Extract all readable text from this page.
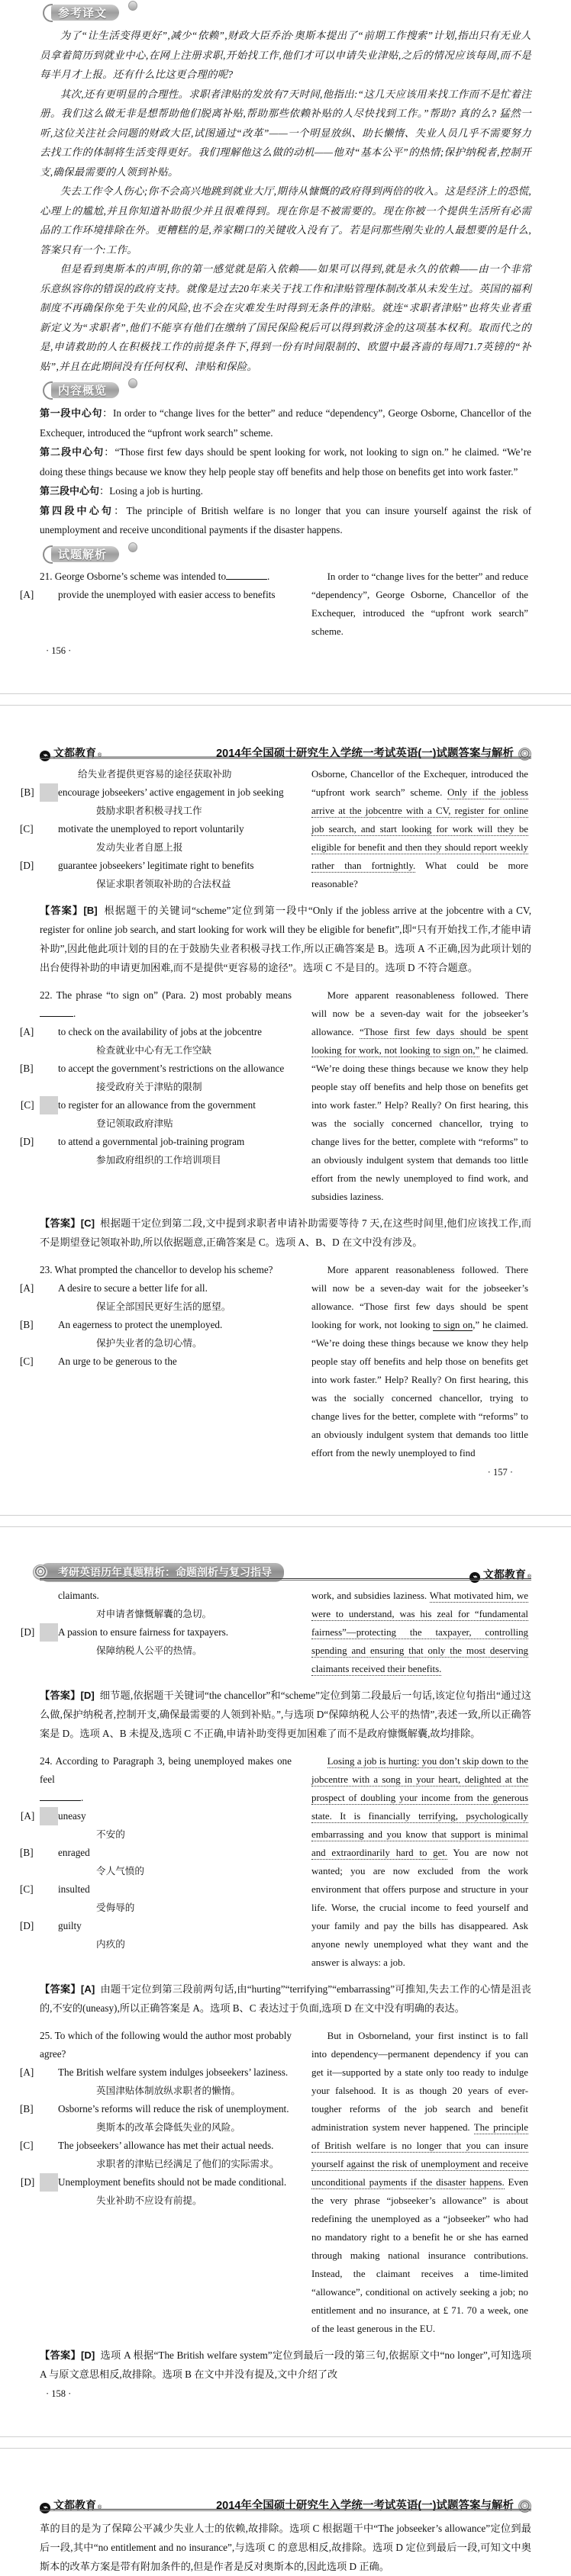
参考译文

为了“让生活变得更好”,减少“依赖”,财政大臣乔治·奥斯本提出了“前期工作搜索”计划,指出只有无业人员拿着简历到就业中心,在网上注册求职,开始找工作,他们才可以申请失业津贴,之后的情况应该每周,而不是每半月才上报。还有什么比这更合理的呢?

其次,还有更明显的合理性。求职者津贴的发放有7天时间,他指出:“这几天应该用来找工作而不是忙着注册。我们这么做无非是想帮助他们脱离补贴,帮助那些依赖补贴的人尽快找到工作。”帮助? 真的么? 猛然一听,这位关注社会问题的财政大臣,试图通过“改革”——一个明显放纵、助长懒惰、失业人员几乎不需要努力去找工作的体制将生活变得更好。我们理解他这么做的动机——他对“基本公平”的热情;保护纳税者,控制开支,确保最需要的人领到补贴。

失去工作令人伤心;你不会高兴地跳到就业大厅,期待从慷慨的政府得到两倍的收入。这是经济上的恐慌,心理上的尴尬,并且你知道补助很少并且很难得到。现在你是不被需要的。现在你被一个提供生活所有必需品的工作环境排除在外。更糟糕的是,养家糊口的关键收入没有了。若是问那些刚失业的人最想要的是什么,答案只有一个:工作。

但是看到奥斯本的声明,你的第一感觉就是陷入依赖——如果可以得到,就是永久的依赖——由一个非常乐意纵容你的错误的政府支持。就像是过去20年来关于找工作和津贴管理体制改革从未发生过。英国的福利制度不再确保你免于失业的风险,也不会在灾难发生时得到无条件的津贴。就连“求职者津贴”也将失业者重新定义为“求职者”,他们不能享有他们在缴纳了国民保险税后可以得到救济金的这项基本权利。取而代之的是,申请救助的人在积极找工作的前提条件下,得到一份有时间限制的、欧盟中最吝啬的每周71.7英镑的“补贴”,并且在此期间没有任何权利、津贴和保险。

内容概览

第一段中心句：In order to “change lives for the better” and reduce “dependency”, George Osborne, Chancellor of the Exchequer, introduced the “upfront work search” scheme.

第二段中心句：“Those first few days should be spent looking for work, not looking to sign on.” he claimed. “We’re doing these things because we know they help people stay off benefits and help those on benefits get into work faster.”

第三段中心句：Losing a job is hurting.

第四段中心句：The principle of British welfare is no longer that you can insure yourself against the risk of unemployment and receive unconditional payments if the disaster happens.

试题解析

21. George Osborne’s scheme was intended to	.

[A] provide the unemployed with easier access to benefits

In order to “change lives for the better” and reduce “dependency”, George Osborne, Chancellor of the Exchequer, introduced the “upfront work search” scheme.

· 156 ·

⌁ 文都教育 ®	2014年全国硕士研究生入学统一考试英语(一)试题答案与解析

给失业者提供更容易的途径获取补助

[B] encourage jobseekers’ active engagement in job seeking
鼓励求职者积极寻找工作

[C] motivate the unemployed to report voluntarily
发动失业者自愿上报

[D] guarantee jobseekers’ legitimate right to benefits
保证求职者领取补助的合法权益

Osborne, Chancellor of the Exchequer, introduced the “upfront work search” scheme. Only if the jobless arrive at the jobcentre with a CV, register for online job search, and start looking for work will they be eligible for benefit and then they should report weekly rather than fortnightly. What could be more reasonable?

【答案】[B] 根据题干的关键词“scheme”定位到第一段中“Only if the jobless arrive at the jobcentre with a CV, register for online job search, and start looking for work will they be eligible for benefit”,即“只有开始找工作,才能申请补助”,因此他此项计划的目的在于鼓励失业者积极寻找工作,所以正确答案是 B。选项 A 不正确,因为此项计划的出台使得补助的申请更加困难,而不是提供“更容易的途径”。选项 C 不是目的。选项 D 不符合题意。

22. The phrase “to sign on” (Para. 2) most probably means.

[A] to check on the availability of jobs at the jobcentre
检查就业中心有无工作空缺

[B] to accept the government’s restrictions on the allowance
接受政府关于津贴的限制

[C] to register for an allowance from the government
登记领取政府津贴

[D] to attend a governmental job-training program
参加政府组织的工作培训项目

More apparent reasonableness followed. There will now be a seven-day wait for the jobseeker’s allowance. “Those first few days should be spent looking for work, not looking to sign on,” he claimed. “We’re doing these things because we know they help people stay off benefits and help those on benefits get into work faster.” Help? Really? On first hearing, this was the socially concerned chancellor, trying to change lives for the better, complete with “reforms” to an obviously indulgent system that demands too little effort from the newly unemployed to find work, and subsidies laziness.

【答案】[C] 根据题干定位到第二段,文中提到求职者申请补助需要等待 7 天,在这些时间里,他们应该找工作,而不是期望登记领取补助,所以依据题意,正确答案是 C。选项 A、B、D 在文中没有涉及。

23. What prompted the chancellor to develop his scheme?

[A] A desire to secure a better life for all.
保证全部国民更好生活的愿望。

[B] An eagerness to protect the unemployed.
保护失业者的急切心情。

[C] An urge to be generous to the

More apparent reasonableness followed. There will now be a seven-day wait for the jobseeker’s allowance. “Those first few days should be spent looking for work, not looking to sign on,” he claimed. “We’re doing these things because we know they help people stay off benefits and help those on benefits get into work faster.” Help? Really? On first hearing, this was the socially concerned chancellor, trying to change lives for the better, complete with “reforms” to an obviously indulgent system that demands too little effort from the newly unemployed to find

· 157 ·

考研英语历年真题精析：命题剖析与复习指导	⌁ 文都教育 ®

claimants.
对申请者慷慨解囊的急切。

[D] A passion to ensure fairness for taxpayers.
保障纳税人公平的热情。

work, and subsidies laziness. What motivated him, we were to understand, was his zeal for “fundamental fairness”—protecting the taxpayer, controlling spending and ensuring that only the most deserving claimants received their benefits.

【答案】[D] 细节题,依据题干关键词“the chancellor”和“scheme”定位到第二段最后一句话,该定位句指出“通过这么做,保护纳税者,控制开支,确保最需要的人领到补贴。”,与选项 D“保障纳税人公平的热情”,表述一致,所以正确答案是 D。选项 A、B 未提及,选项 C 不正确,申请补助变得更加困难了而不是政府慷慨解囊,故均排除。

24. According to Paragraph 3, being unemployed makes one feel

.

[A] uneasy
不安的

[B] enraged
令人气愤的

[C] insulted
受侮辱的

[D] guilty
内疚的

Losing a job is hurting: you don’t skip down to the jobcentre with a song in your heart, delighted at the prospect of doubling your income from the generous state. It is financially terrifying, psychologically embarrassing and you know that support is minimal and extraordinarily hard to get. You are now not wanted; you are now excluded from the work environment that offers purpose and structure in your life. Worse, the crucial income to feed yourself and your family and pay the bills has disappeared. Ask anyone newly unemployed what they want and the answer is always: a job.

【答案】[A] 由题干定位到第三段前两句话,由“hurting”“terrifying”“embarrassing”可推知,失去工作的心情是沮丧的,不安的(uneasy),所以正确答案是 A。选项 B、C 表达过于负面,选项 D 在文中没有明确的表达。

25. To which of the following would the author most probably agree?

[A] The British welfare system indulges jobseekers’ laziness.
英国津贴体制放纵求职者的懒惰。

[B] Osborne’s reforms will reduce the risk of unemployment.
奥斯本的改革会降低失业的风险。

[C] The jobseekers’ allowance has met their actual needs.
求职者的津贴已经满足了他们的实际需求。

[D] Unemployment benefits should not be made conditional.
失业补助不应设有前提。

But in Osborneland, your first instinct is to fall into dependency—permanent dependency if you can get it—supported by a state only too ready to indulge your falsehood. It is as though 20 years of ever-tougher reforms of the job search and benefit administration system never happened. The principle of British welfare is no longer that you can insure yourself against the risk of unemployment and receive unconditional payments if the disaster happens. Even the very phrase “jobseeker’s allowance” is about redefining the unemployed as a “jobseeker” who had no mandatory right to a benefit he or she has earned through making national insurance contributions. Instead, the claimant receives a time-limited “allowance”, conditional on actively seeking a job; no entitlement and no insurance, at £ 71. 70 a week, one of the least generous in the EU.

【答案】[D] 选项 A 根据“The British welfare system”定位到最后一段的第三句,依据原文中“no longer”,可知选项 A 与原文意思相反,故排除。选项 B 在文中并没有提及,文中介绍了改

· 158 ·

⌁ 文都教育 ®	2014年全国硕士研究生入学统一考试英语(一)试题答案与解析

革的目的是为了保障公平减少失业人士的依赖,故排除。选项 C 根据题干中“The jobseeker’s allowance”定位到最后一段,其中“no entitlement and no insurance”,与选项 C 的意思相反,故排除。选项 D 定位到最后一段,可知文中奥斯本的改革方案是带有附加条件的,但是作者是反对奥斯本的,因此选项 D 正确。
